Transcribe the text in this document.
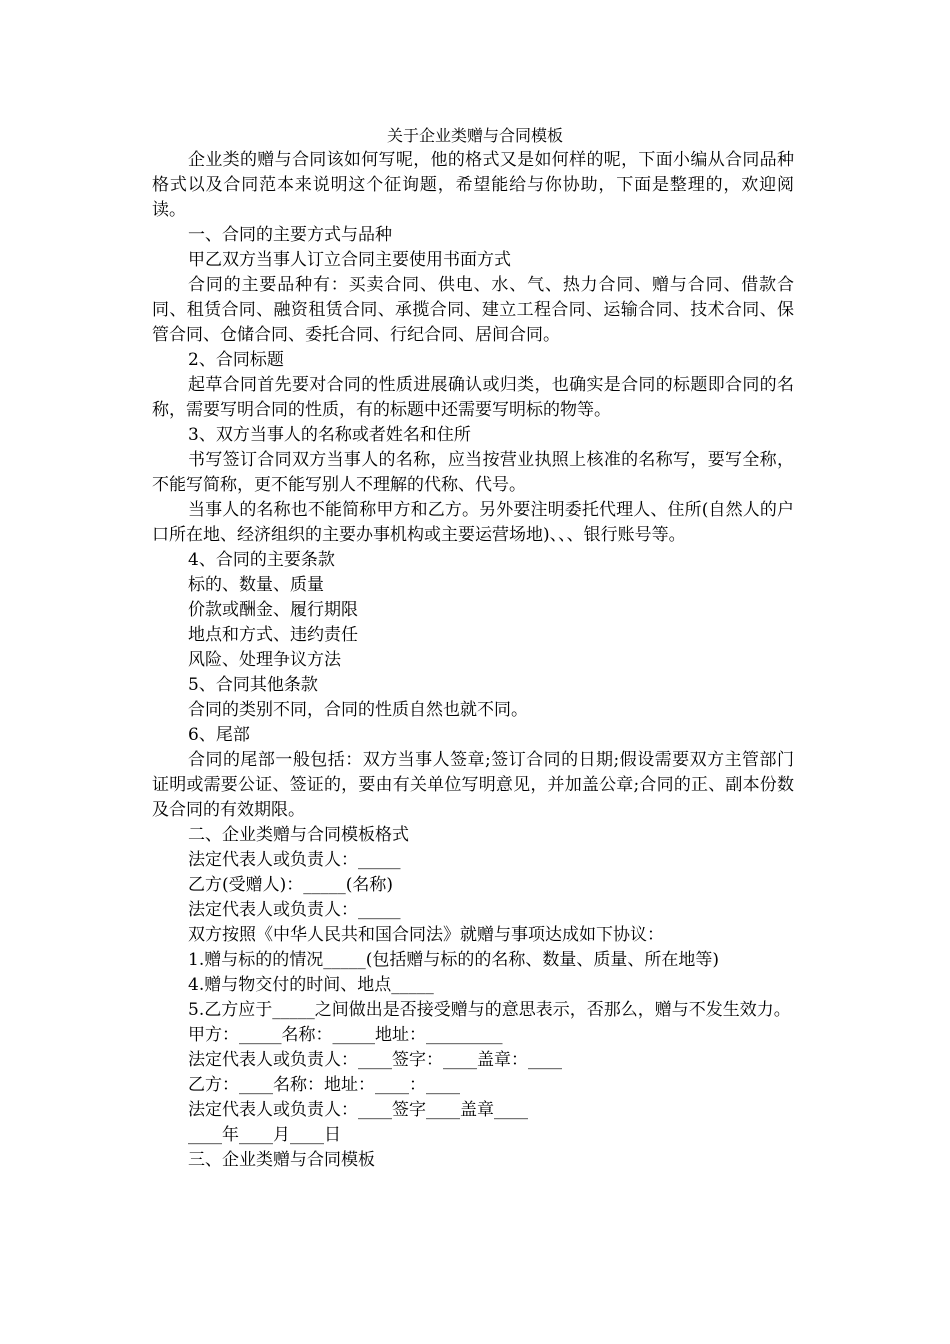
关于企业类赠与合同模板

企业类的赠与合同该如何写呢，他的格式又是如何样的呢，下面小编从合同品种格式以及合同范本来说明这个征询题，希望能给与你协助，下面是整理的，欢迎阅读。

一、合同的主要方式与品种

甲乙双方当事人订立合同主要使用书面方式

合同的主要品种有：买卖合同、供电、水、气、热力合同、赠与合同、借款合同、租赁合同、融资租赁合同、承揽合同、建立工程合同、运输合同、技术合同、保管合同、仓储合同、委托合同、行纪合同、居间合同。

2、合同标题

起草合同首先要对合同的性质进展确认或归类，也确实是合同的标题即合同的名称，需要写明合同的性质，有的标题中还需要写明标的物等。

3、双方当事人的名称或者姓名和住所

书写签订合同双方当事人的名称，应当按营业执照上核准的名称写，要写全称，不能写简称，更不能写别人不理解的代称、代号。

当事人的名称也不能简称甲方和乙方。另外要注明委托代理人、住所(自然人的户口所在地、经济组织的主要办事机构或主要运营场地)、、、银行账号等。

4、合同的主要条款

标的、数量、质量

价款或酬金、履行期限

地点和方式、违约责任

风险、处理争议方法

5、合同其他条款

合同的类别不同，合同的性质自然也就不同。

6、尾部

合同的尾部一般包括：双方当事人签章;签订合同的日期;假设需要双方主管部门证明或需要公证、签证的，要由有关单位写明意见，并加盖公章;合同的正、副本份数及合同的有效期限。

二、企业类赠与合同模板格式

法定代表人或负责人：_____

乙方(受赠人)：_____(名称)

法定代表人或负责人：_____

双方按照《中华人民共和国合同法》就赠与事项达成如下协议：

1.赠与标的的情况_____(包括赠与标的的名称、数量、质量、所在地等)

4.赠与物交付的时间、地点_____

5.乙方应于_____之间做出是否接受赠与的意思表示，否那么，赠与不发生效力。

甲方：_____名称：_____地址：_________

法定代表人或负责人：____签字：____盖章：____

乙方：____名称：地址：____：____

法定代表人或负责人：____签字____盖章____

____年____月____日

三、企业类赠与合同模板
